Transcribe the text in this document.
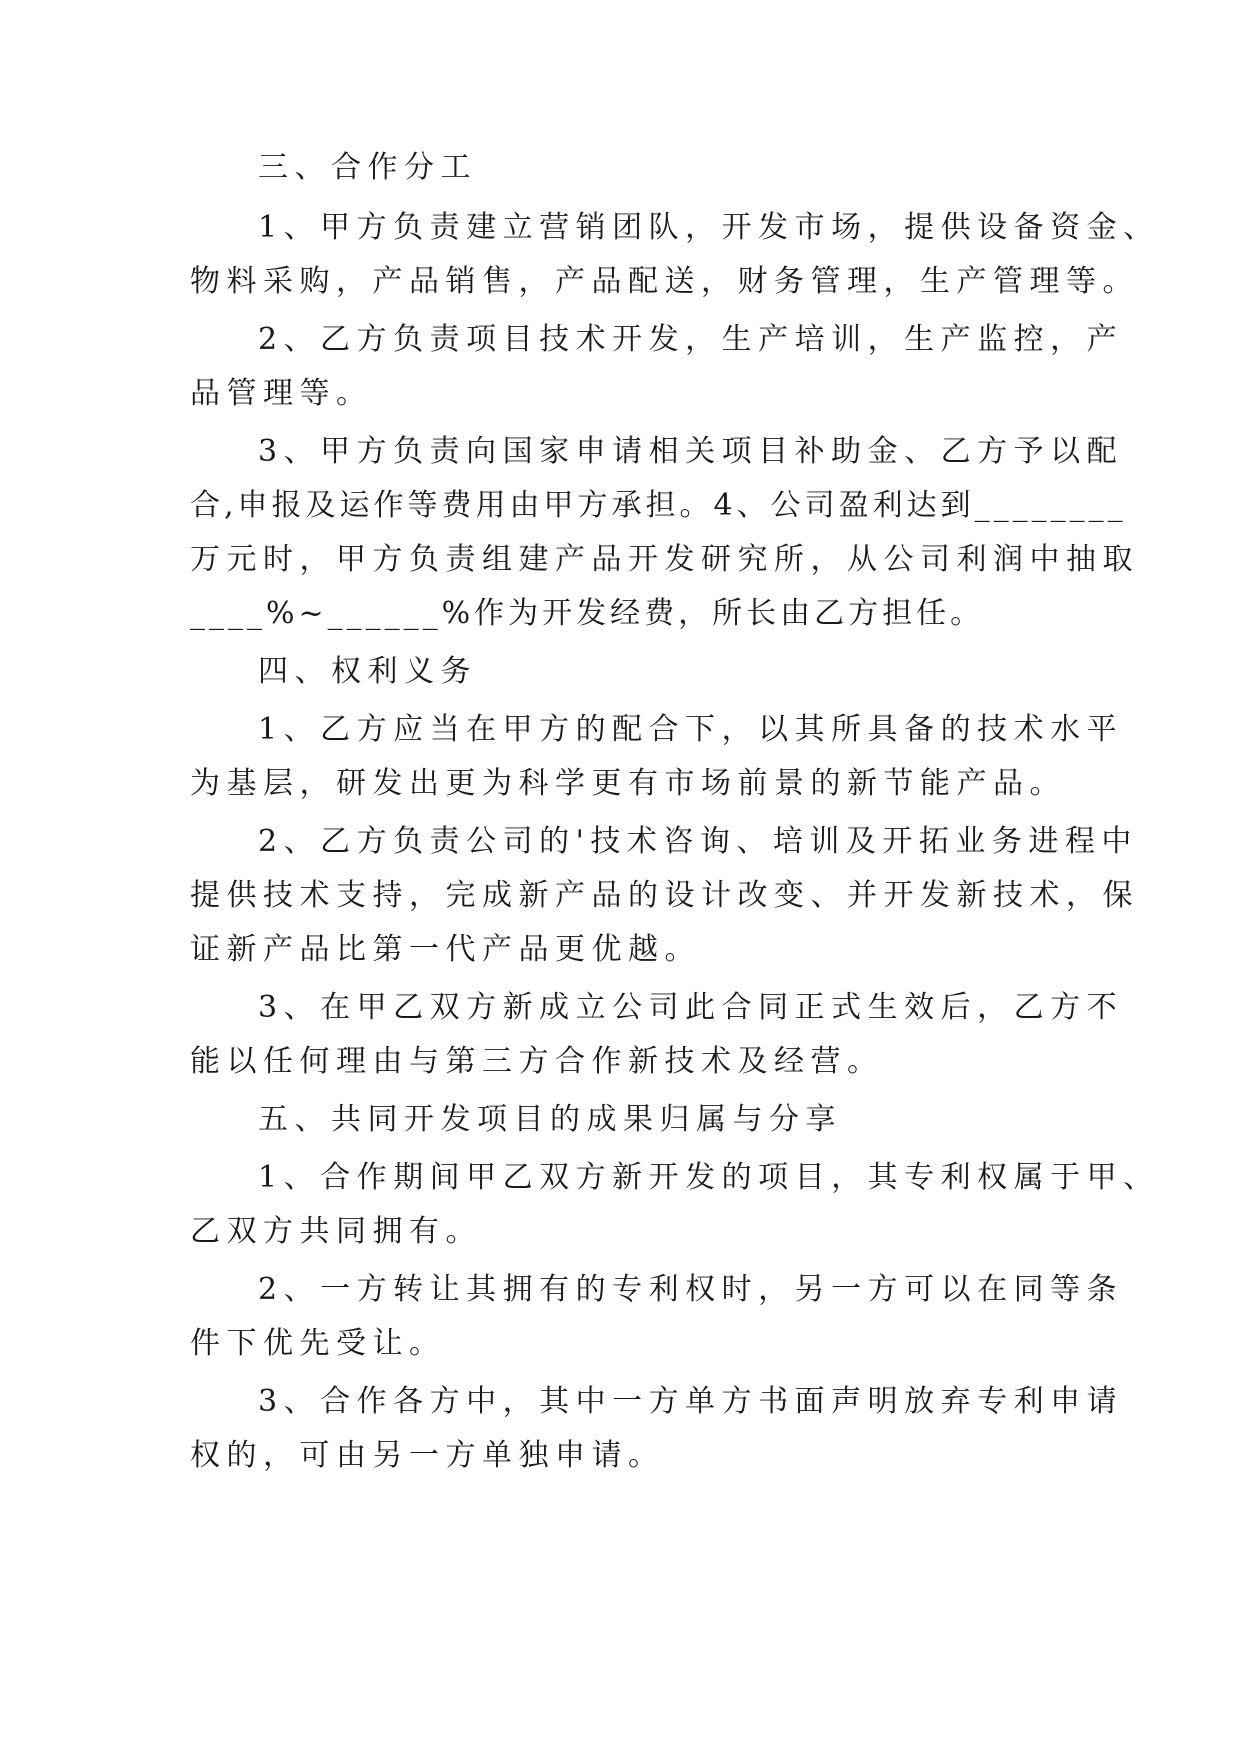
三、合作分工
1、甲方负责建立营销团队，开发市场，提供设备资金、
物料采购，产品销售，产品配送，财务管理，生产管理等。
2、乙方负责项目技术开发，生产培训，生产监控，产
品管理等。
3、甲方负责向国家申请相关项目补助金、乙方予以配
合,申报及运作等费用由甲方承担。4、公司盈利达到________
万元时，甲方负责组建产品开发研究所，从公司利润中抽取
____%~______%作为开发经费，所长由乙方担任。
四、权利义务
1、乙方应当在甲方的配合下，以其所具备的技术水平
为基层，研发出更为科学更有市场前景的新节能产品。
2、乙方负责公司的'技术咨询、培训及开拓业务进程中
提供技术支持，完成新产品的设计改变、并开发新技术，保
证新产品比第一代产品更优越。
3、在甲乙双方新成立公司此合同正式生效后，乙方不
能以任何理由与第三方合作新技术及经营。
五、共同开发项目的成果归属与分享
1、合作期间甲乙双方新开发的项目，其专利权属于甲、
乙双方共同拥有。
2、一方转让其拥有的专利权时，另一方可以在同等条
件下优先受让。
3、合作各方中，其中一方单方书面声明放弃专利申请
权的，可由另一方单独申请。
